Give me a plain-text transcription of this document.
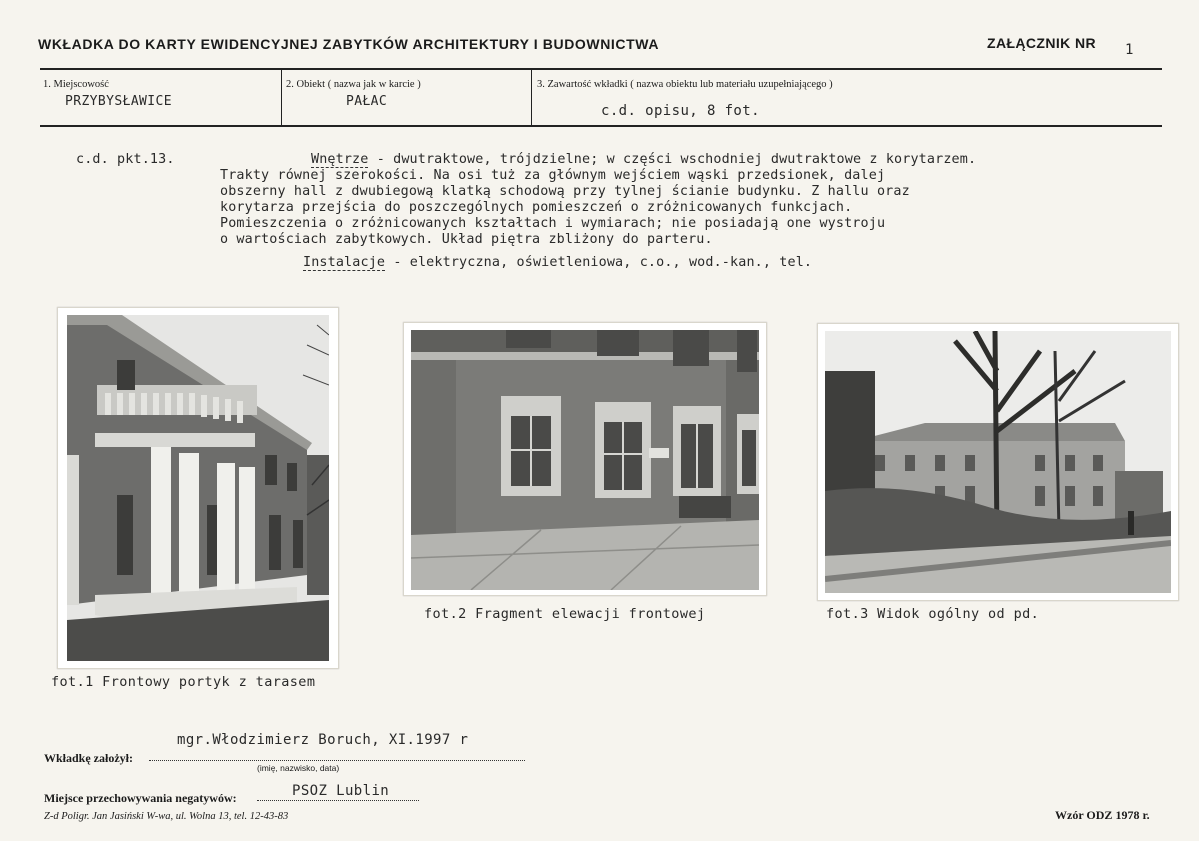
WKŁADKA DO KARTY EWIDENCYJNEJ ZABYTKÓW ARCHITEKTURY I BUDOWNICTWA	ZAŁĄCZNIK NR 1
1. Miejscowość
PRZYBYSŁAWICE
2. Obiekt ( nazwa jak w karcie )
PAŁAC
3. Zawartość wkładki ( nazwa obiektu lub materiału uzupełniającego )
c.d. opisu, 8 fot.
c.d. pkt.13.	Wnętrze - dwutraktowe, trójdzielne; w części wschodniej dwutraktowe z korytarzem.
Trakty równej szerokości. Na osi tuż za głównym wejściem wąski przedsionek, dalej
obszerny hall z dwubiegową klatką schodową przy tylnej ścianie budynku. Z hallu oraz
korytarza przejścia do poszczególnych pomieszczeń o zróżnicowanych funkcjach.
Pomieszczenia o zróżnicowanych kształtach i wymiarach; nie posiadają one wystroju
o wartościach zabytkowych. Układ piętra zbliżony do parteru.
Instalacje - elektryczna, oświetleniowa, c.o., wod.-kan., tel.
fot.1 Frontowy portyk z tarasem
fot.2 Fragment elewacji frontowej	fot.3 Widok ogólny od pd.
mgr.Włodzimierz Boruch, XI.1997 r
Wkładkę założył:
(imię, nazwisko, data)
PSOZ Lublin
Miejsce przechowywania negatywów:
Z-d Poligr. Jan Jasiński W-wa, ul. Wolna 13, tel. 12-43-83	Wzór ODZ 1978 r.
